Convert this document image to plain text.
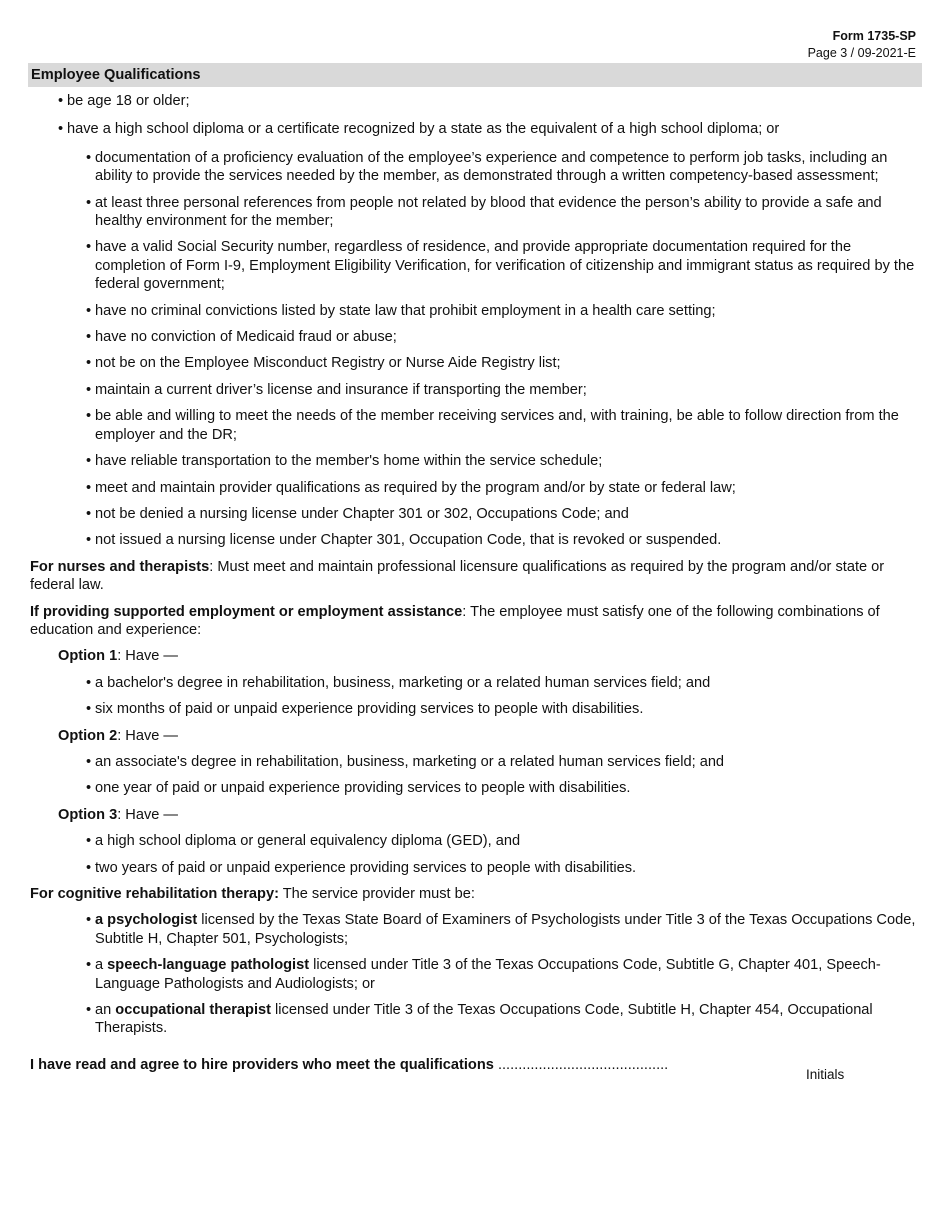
Form 1735-SP
Page 3 / 09-2021-E
Employee Qualifications
• be age 18 or older;
• have a high school diploma or a certificate recognized by a state as the equivalent of a high school diploma; or
• documentation of a proficiency evaluation of the employee’s experience and competence to perform job tasks, including an ability to provide the services needed by the member, as demonstrated through a written competency-based assessment;
• at least three personal references from people not related by blood that evidence the person’s ability to provide a safe and healthy environment for the member;
• have a valid Social Security number, regardless of residence, and provide appropriate documentation required for the completion of Form I-9, Employment Eligibility Verification, for verification of citizenship and immigrant status as required by the federal government;
• have no criminal convictions listed by state law that prohibit employment in a health care setting;
• have no conviction of Medicaid fraud or abuse;
• not be on the Employee Misconduct Registry or Nurse Aide Registry list;
• maintain a current driver’s license and insurance if transporting the member;
• be able and willing to meet the needs of the member receiving services and, with training, be able to follow direction from the employer and the DR;
• have reliable transportation to the member's home within the service schedule;
• meet and maintain provider qualifications as required by the program and/or by state or federal law;
• not be denied a nursing license under Chapter 301 or 302, Occupations Code; and
• not issued a nursing license under Chapter 301, Occupation Code, that is revoked or suspended.
For nurses and therapists: Must meet and maintain professional licensure qualifications as required by the program and/or state or federal law.
If providing supported employment or employment assistance: The employee must satisfy one of the following combinations of education and experience:
Option 1: Have —
• a bachelor's degree in rehabilitation, business, marketing or a related human services field; and
• six months of paid or unpaid experience providing services to people with disabilities.
Option 2: Have —
• an associate's degree in rehabilitation, business, marketing or a related human services field; and
• one year of paid or unpaid experience providing services to people with disabilities.
Option 3: Have —
• a high school diploma or general equivalency diploma (GED), and
• two years of paid or unpaid experience providing services to people with disabilities.
For cognitive rehabilitation therapy: The service provider must be:
• a psychologist licensed by the Texas State Board of Examiners of Psychologists under Title 3 of the Texas Occupations Code, Subtitle H, Chapter 501, Psychologists;
• a speech-language pathologist licensed under Title 3 of the Texas Occupations Code, Subtitle G, Chapter 401, Speech-Language Pathologists and Audiologists; or
• an occupational therapist licensed under Title 3 of the Texas Occupations Code, Subtitle H, Chapter 454, Occupational Therapists.
I have read and agree to hire providers who meet the qualifications ..........................................
Initials
